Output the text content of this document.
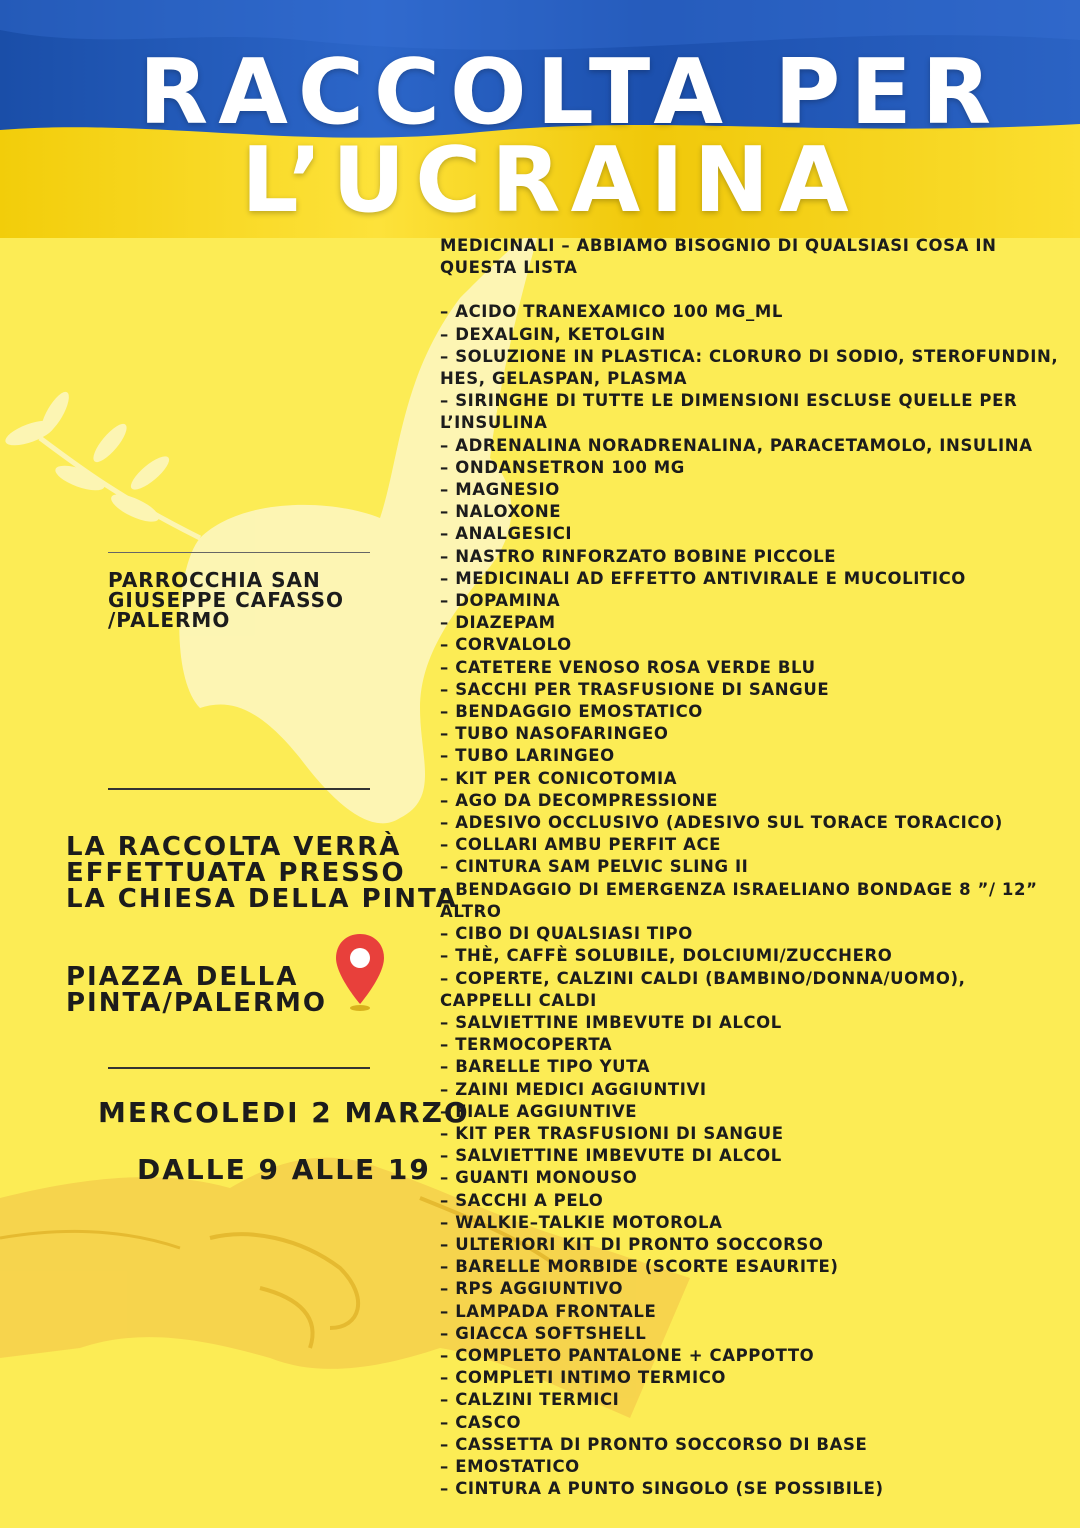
RACCOLTA PER
L’UCRAINA

PARROCCHIA SAN
GIUSEPPE CAFASSO
/PALERMO

LA RACCOLTA VERRÀ
EFFETTUATA PRESSO
LA CHIESA DELLA PINTA

PIAZZA DELLA
PINTA/PALERMO

MERCOLEDI 2 MARZO

DALLE 9 ALLE 19

MEDICINALI – ABBIAMO BISOGNIO DI QUALSIASI COSA IN QUESTA LISTA
– ACIDO TRANEXAMICO 100 MG_ML
– DEXALGIN, KETOLGIN
– SOLUZIONE IN PLASTICA: CLORURO DI SODIO, STEROFUNDIN, HES, GELASPAN, PLASMA
– SIRINGHE DI TUTTE LE DIMENSIONI ESCLUSE QUELLE PER L’INSULINA
– ADRENALINA NORADRENALINA, PARACETAMOLO, INSULINA
– ONDANSETRON 100 MG
– MAGNESIO
– NALOXONE
– ANALGESICI
– NASTRO RINFORZATO BOBINE PICCOLE
– MEDICINALI AD EFFETTO ANTIVIRALE E MUCOLITICO
– DOPAMINA
– DIAZEPAM
– CORVALOLO
– CATETERE VENOSO ROSA VERDE BLU
– SACCHI PER TRASFUSIONE DI SANGUE
– BENDAGGIO EMOSTATICO
– TUBO NASOFARINGEO
– TUBO LARINGEO
– KIT PER CONICOTOMIA
– AGO DA DECOMPRESSIONE
– ADESIVO OCCLUSIVO (ADESIVO SUL TORACE TORACICO)
– COLLARI AMBU PERFIT ACE
– CINTURA SAM PELVIC SLING II
– BENDAGGIO DI EMERGENZA ISRAELIANO BONDAGE 8 ”/ 12”
ALTRO
– CIBO DI QUALSIASI TIPO
– THÈ, CAFFÈ SOLUBILE, DOLCIUMI/ZUCCHERO
– COPERTE, CALZINI CALDI (BAMBINO/DONNA/UOMO), CAPPELLI CALDI
– SALVIETTINE IMBEVUTE DI ALCOL
– TERMOCOPERTA
– BARELLE TIPO YUTA
– ZAINI MEDICI AGGIUNTIVI
– FIALE AGGIUNTIVE
– KIT PER TRASFUSIONI DI SANGUE
– SALVIETTINE IMBEVUTE DI ALCOL
– GUANTI MONOUSO
– SACCHI A PELO
– WALKIE–TALKIE MOTOROLA
– ULTERIORI KIT DI PRONTO SOCCORSO
– BARELLE MORBIDE (SCORTE ESAURITE)
– RPS AGGIUNTIVO
– LAMPADA FRONTALE
– GIACCA SOFTSHELL
– COMPLETO PANTALONE + CAPPOTTO
– COMPLETI INTIMO TERMICO
– CALZINI TERMICI
– CASCO
– CASSETTA DI PRONTO SOCCORSO DI BASE
– EMOSTATICO
– CINTURA A PUNTO SINGOLO (SE POSSIBILE)
